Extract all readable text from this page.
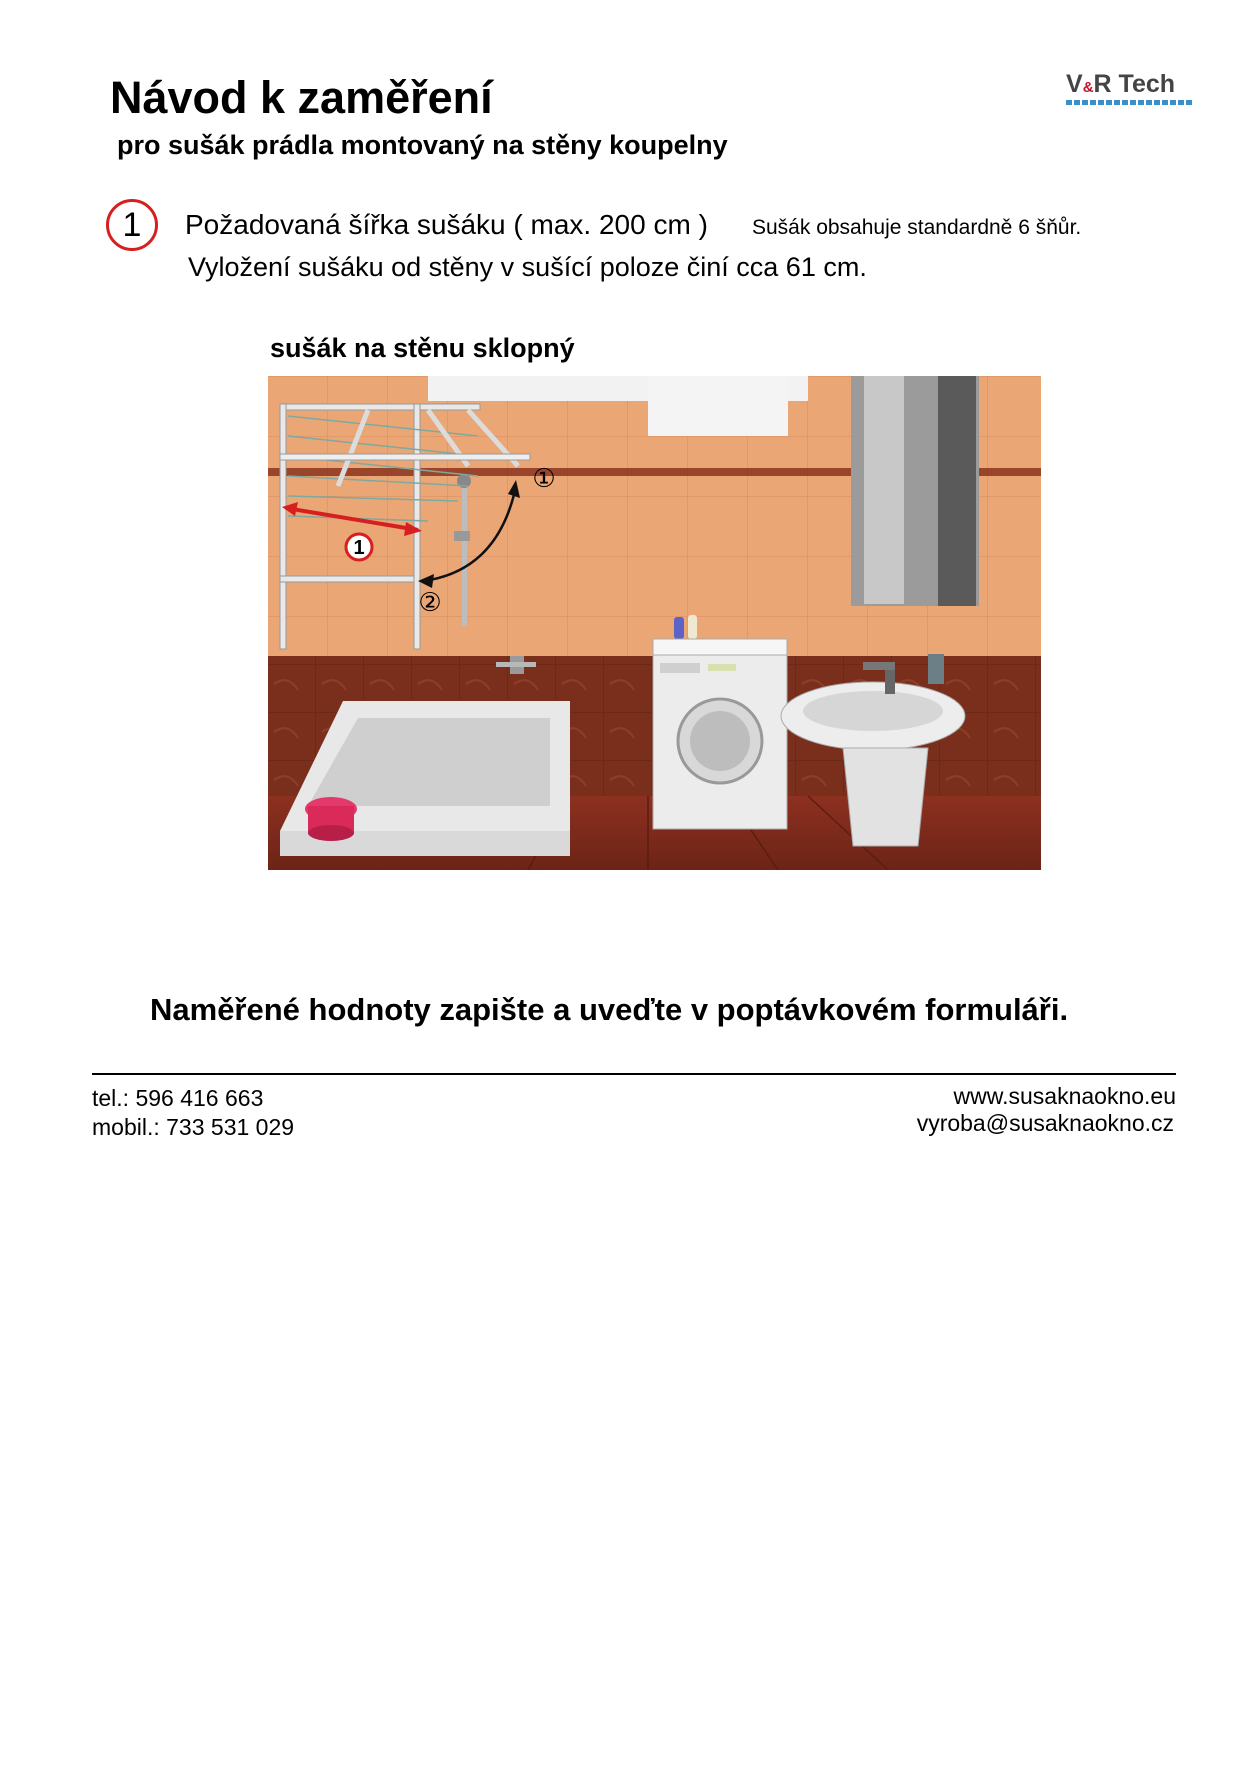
Návod k zaměření
pro sušák prádla montovaný na stěny koupelny
V&R Tech
1	Požadovaná šířka sušáku ( max. 200 cm ) Sušák obsahuje standardně 6 šňůr.
Vyložení sušáku od stěny v sušící poloze činí cca 61 cm.
sušák na stěnu sklopný
1
①
②
Naměřené hodnoty zapište a uveďte v poptávkovém formuláři.
tel.: 596 416 663
mobil.: 733 531 029
www.susaknaokno.eu
vyroba@susaknaokno.cz
